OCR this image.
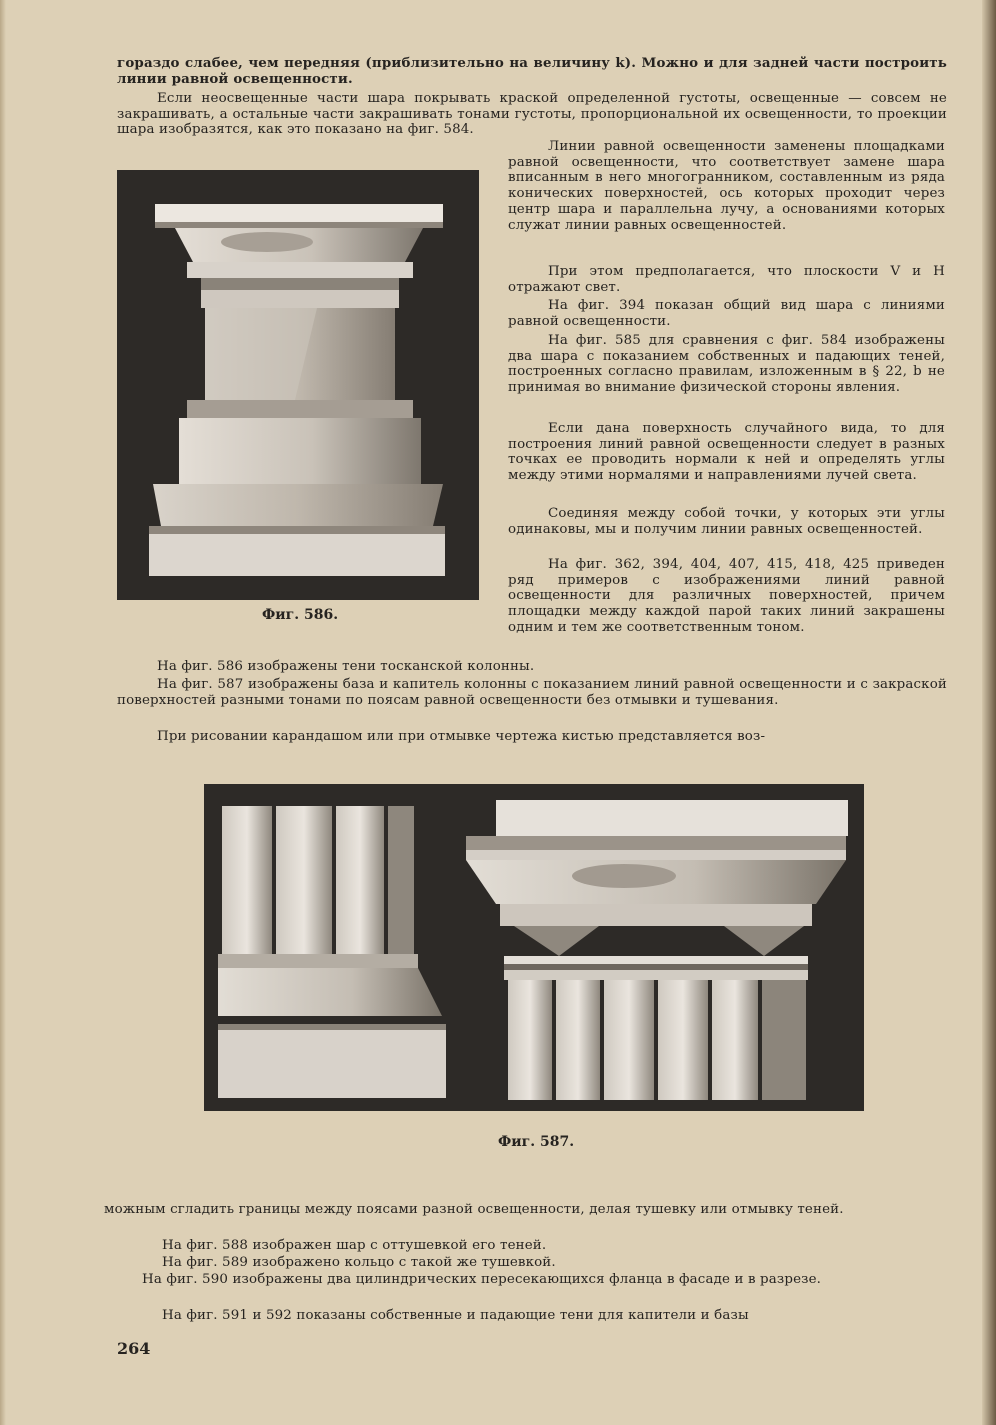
гораздо слабее, чем передняя (приблизительно на величину k). Можно и для задней части построить линии равной освещенности.

Если неосвещенные части шара покрывать краской определенной густоты, освещенные — совсем не закрашивать, а остальные части закрашивать тонами густоты, пропорциональной их освещенности, то проекции шара изобразятся, как это показано на фиг. 584.

Фиг. 586.

Линии равной освещенности заменены площадками равной освещенности, что соответствует замене шара вписанным в него многогранником, составленным из ряда конических поверхностей, ось которых проходит через центр шара и параллельна лучу, а основаниями которых служат линии равных освещенностей.

При этом предполагается, что плоскости V и H отражают свет.

На фиг. 394 показан общий вид шара с линиями равной освещенности.

На фиг. 585 для сравнения с фиг. 584 изображены два шара с показанием собственных и падающих теней, построенных согласно правилам, изложенным в § 22, b не принимая во внимание физической стороны явления.

Если дана поверхность случайного вида, то для построения линий равной освещенности следует в разных точках ее проводить нормали к ней и определять углы между этими нормалями и направлениями лучей света.

Соединяя между собой точки, у которых эти углы одинаковы, мы и получим линии равных освещенностей.

На фиг. 362, 394, 404, 407, 415, 418, 425 приведен ряд примеров с изображениями линий равной освещенности для различных поверхностей, причем площадки между каждой парой таких линий закрашены одним и тем же соответственным тоном.

На фиг. 586 изображены тени тосканской колонны.

На фиг. 587 изображены база и капитель колонны с показанием линий равной освещенности и с закраской поверхностей разными тонами по поясам равной освещенности без отмывки и тушевания.

При рисовании карандашом или при отмывке чертежа кистью представляется воз-

Фиг. 587.

можным сгладить границы между поясами разной освещенности, делая тушевку или отмывку теней.

На фиг. 588 изображен шар с оттушевкой его теней.

На фиг. 589 изображено кольцо с такой же тушевкой.

На фиг. 590 изображены два цилиндрических пересекающихся фланца в фасаде и в разрезе.

На фиг. 591 и 592 показаны собственные и падающие тени для капители и базы

264
